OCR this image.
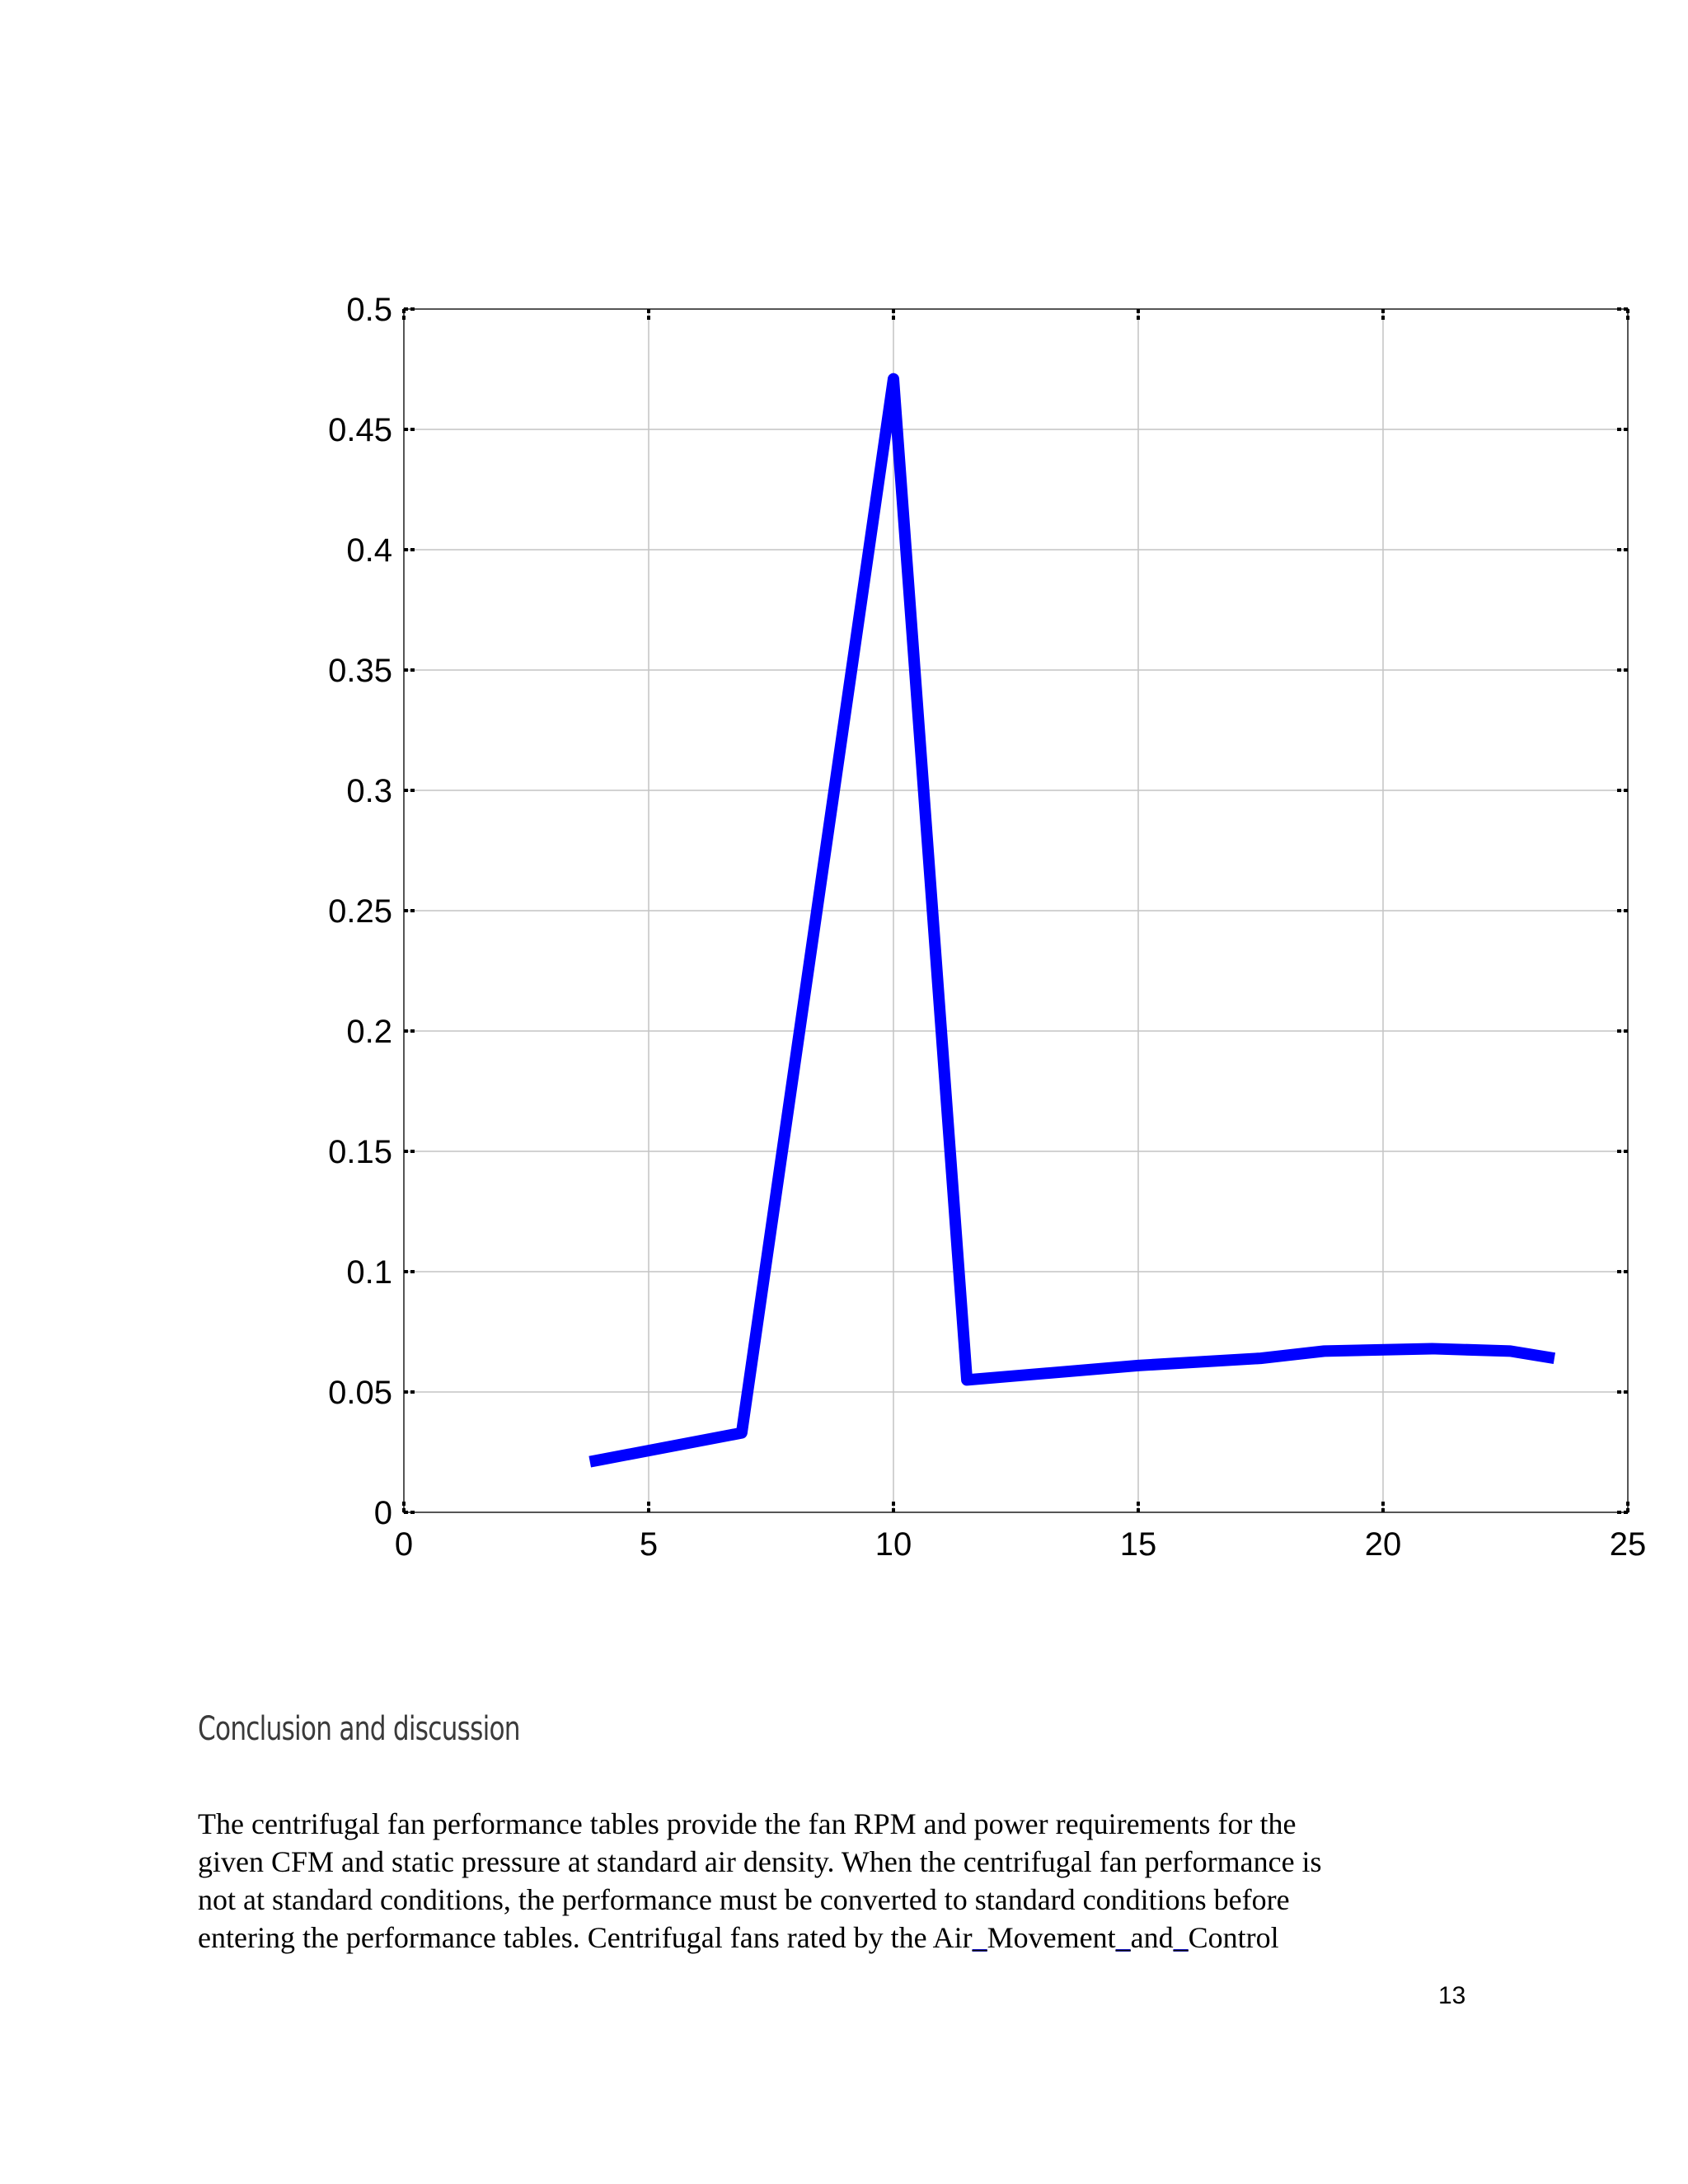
0	5	10	15	20	25
0
0.05
0.1
0.15
0.2
0.25
0.3
0.35
0.4
0.45
0.5
Conclusion and discussion
The centrifugal fan performance tables provide the fan RPM and power requirements for the
given CFM and static pressure at standard air density. When the centrifugal fan performance is
not at standard conditions, the performance must be converted to standard conditions before
entering the performance tables. Centrifugal fans rated by the Air_Movement_and_Control
13
